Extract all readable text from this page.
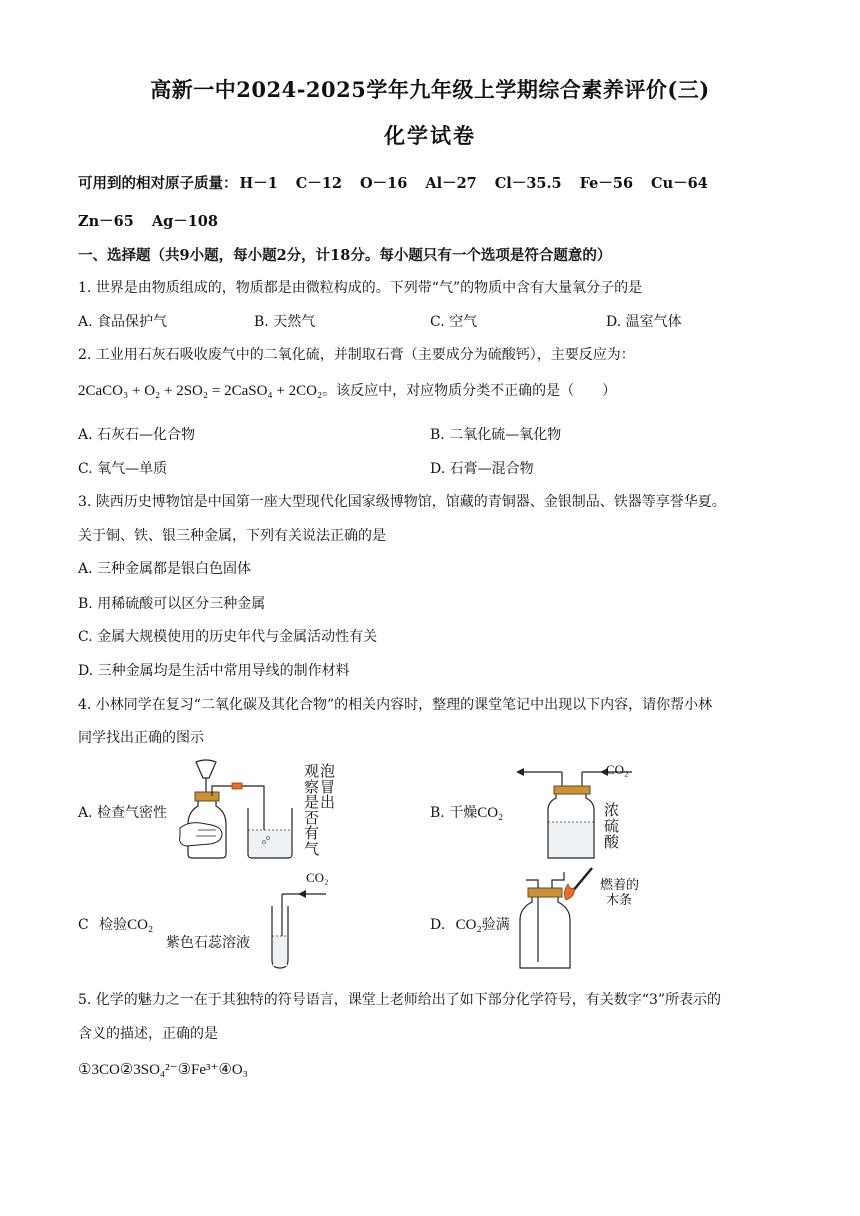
高新一中2024-2025学年九年级上学期综合素养评价(三)
化学试卷
可用到的相对原子质量： H－1 C－12 O－16 Al－27 Cl－35.5 Fe－56 Cu－64
Zn－65 Ag－108
一、选择题（共9小题，每小题2分，计18分。每小题只有一个选项是符合题意的）
1. 世界是由物质组成的，物质都是由微粒构成的。下列带“气”的物质中含有大量氧分子的是
A. 食品保护气	B. 天然气	C. 空气	D. 温室气体
2. 工业用石灰石吸收废气中的二氧化硫，并制取石膏（主要成分为硫酸钙），主要反应为：
2CaCO₃ + O₂ + 2SO₂ = 2CaSO₄ + 2CO₂。该反应中，对应物质分类不正确的是（　　）
A. 石灰石—化合物	B. 二氧化硫—氧化物
C. 氧气—单质	D. 石膏—混合物
3. 陕西历史博物馆是中国第一座大型现代化国家级博物馆，馆藏的青铜器、金银制品、铁器等享誉华夏。
关于铜、铁、银三种金属，下列有关说法正确的是
A. 三种金属都是银白色固体
B. 用稀硫酸可以区分三种金属
C. 金属大规模使用的历史年代与金属活动性有关
D. 三种金属均是生活中常用导线的制作材料
4. 小林同学在复习“二氧化碳及其化合物”的相关内容时，整理的课堂笔记中出现以下内容，请你帮小林
同学找出正确的图示
A. 检查气密性
观
察
是
否
有
气
泡
冒
出
B. 干燥CO₂
CO₂
浓
硫
酸
C 检验CO₂
CO₂
紫色石蕊溶液
D. CO₂验满
燃着的
木条
5. 化学的魅力之一在于其独特的符号语言，课堂上老师给出了如下部分化学符号，有关数字“3”所表示的
含义的描述，正确的是
①3CO②3SO₄²⁻③Fe³⁺④O₃
